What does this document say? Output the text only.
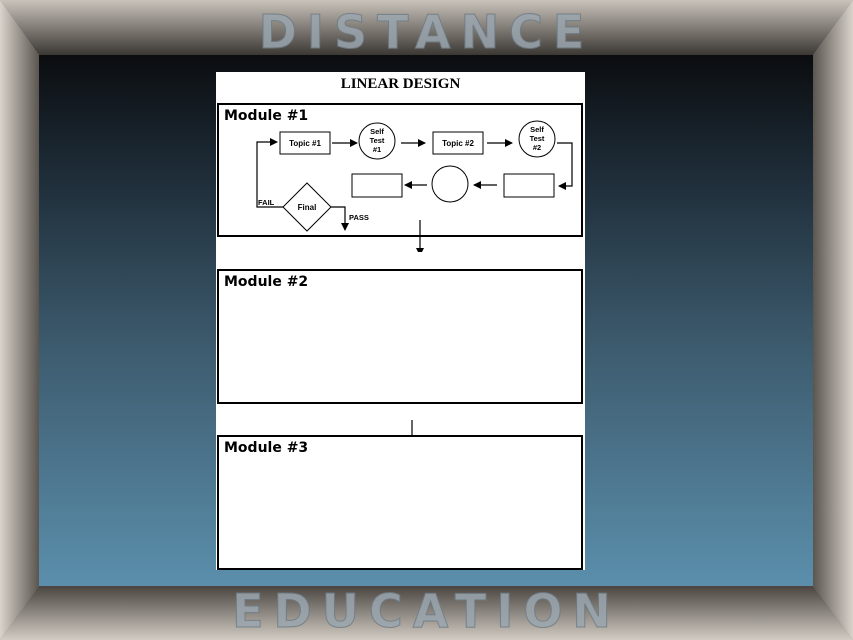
DISTANCE
EDUCATION
LINEAR DESIGN
Module #1
Topic #1
Self
Test
#1
Topic #2
Self
Test
#2
Final
FAIL
PASS
Module #2
Module #3
